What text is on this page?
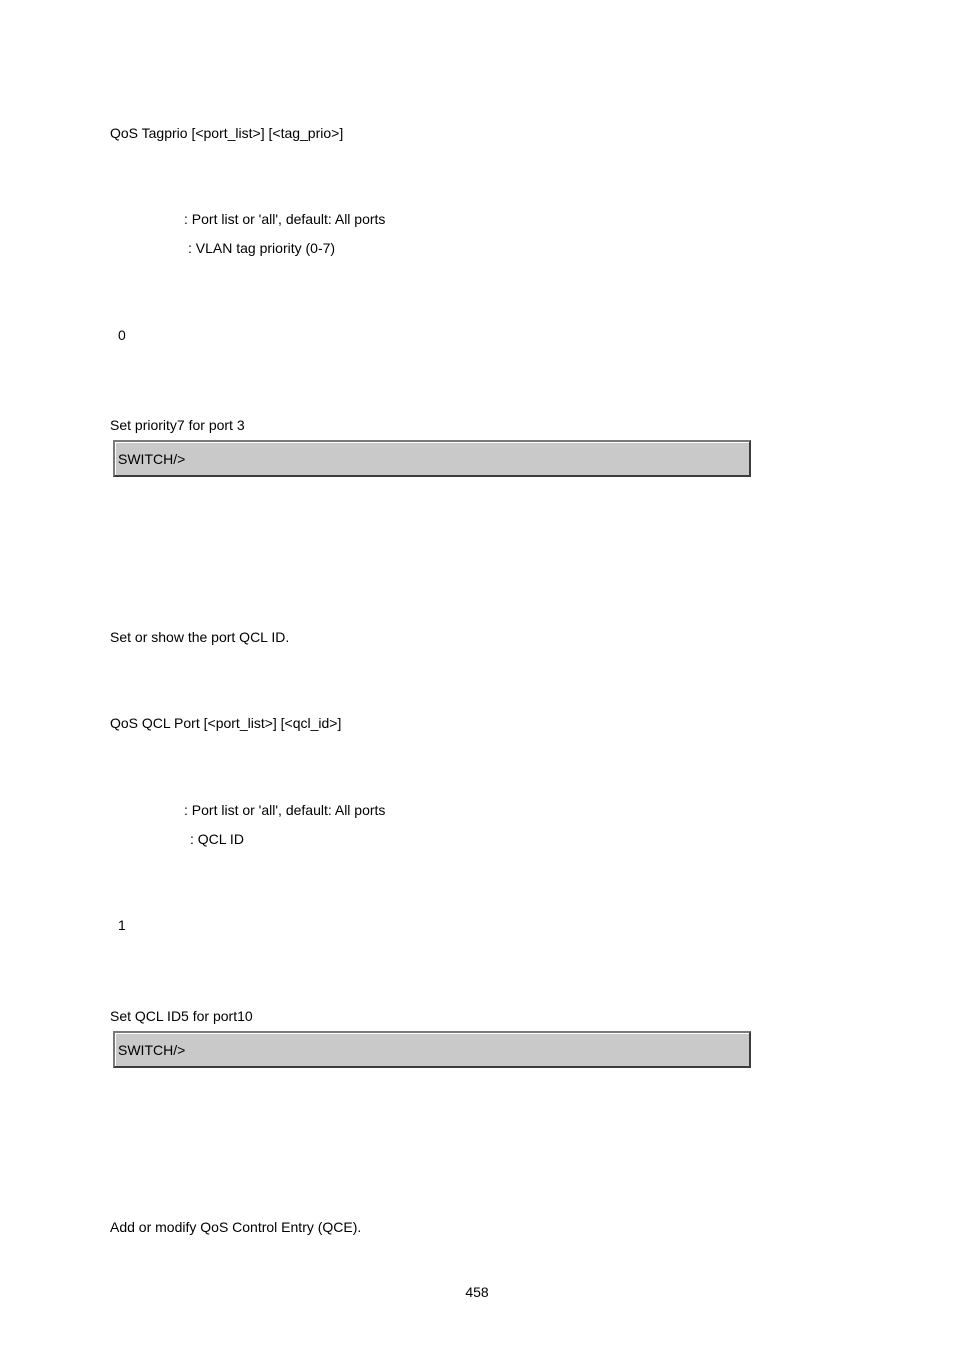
QoS Tagprio [<port_list>] [<tag_prio>]
: Port list or 'all', default: All ports
: VLAN tag priority (0-7)
0
Set priority7 for port 3
SWITCH/>
Set or show the port QCL ID.
QoS QCL Port [<port_list>] [<qcl_id>]
: Port list or 'all', default: All ports
: QCL ID
1
Set QCL ID5 for port10
SWITCH/>
Add or modify QoS Control Entry (QCE).
458
